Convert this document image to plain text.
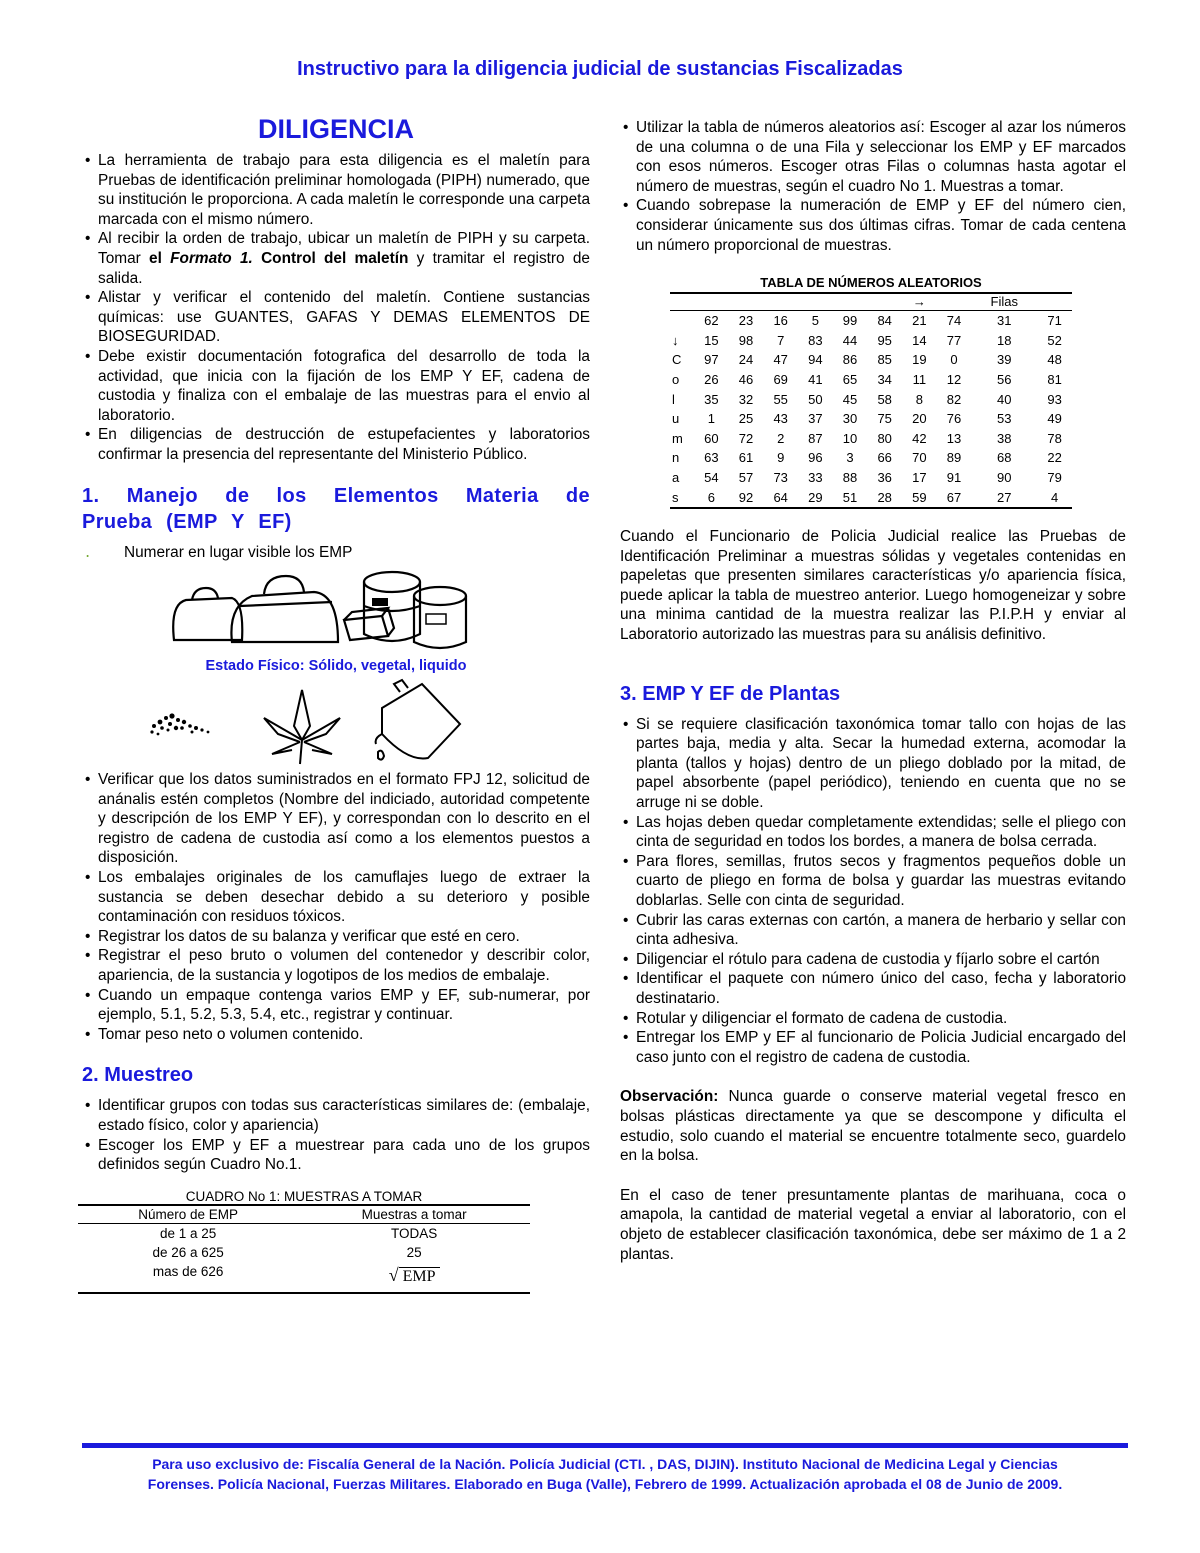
Instructivo para la diligencia judicial de sustancias Fiscalizadas
DILIGENCIA
• La herramienta de trabajo para esta diligencia es el maletín para Pruebas de identificación preliminar homologada (PIPH) numerado, que su institución le proporciona. A cada maletín le corresponde una carpeta marcada con el mismo número.
• Al recibir la orden de trabajo, ubicar un maletín de PIPH y su carpeta. Tomar el Formato 1. Control del maletín y tramitar el registro de salida.
• Alistar y verificar el contenido del maletín. Contiene sustancias químicas: use GUANTES, GAFAS Y DEMAS ELEMENTOS DE BIOSEGURIDAD.
• Debe existir documentación fotografica del desarrollo de toda la actividad, que inicia con la fijación de los EMP Y EF, cadena de custodia y finaliza con el embalaje de las muestras para el envio al laboratorio.
• En diligencias de destrucción de estupefacientes y laboratorios confirmar la presencia del representante del Ministerio Público.
1. Manejo de los Elementos Materia de Prueba (EMP Y EF)
․ Numerar en lugar visible los EMP

Estado Físico: Sólido, vegetal, liquido

• Verificar que los datos suministrados en el formato FPJ 12, solicitud de anánalis estén completos (Nombre del indiciado, autoridad competente y descripción de los EMP Y EF), y correspondan con lo descrito en el registro de cadena de custodia así como a los elementos puestos a disposición.
• Los embalajes originales de los camuflajes luego de extraer la sustancia se deben desechar debido a su deterioro y posible contaminación con residuos tóxicos.
• Registrar los datos de su balanza y verificar que esté en cero.
• Registrar el peso bruto o volumen del contenedor y describir color, apariencia, de la sustancia y logotipos de los medios de embalaje.
• Cuando un empaque contenga varios EMP y EF, sub-numerar, por ejemplo, 5.1, 5.2, 5.3, 5.4, etc., registrar y continuar.
• Tomar peso neto o volumen contenido.
2. Muestreo
• Identificar grupos con todas sus características similares de: (embalaje, estado físico, color y apariencia)
• Escoger los EMP y EF a muestrear para cada uno de los grupos definidos según Cuadro No.1.
CUADRO No 1: MUESTRAS A TOMAR
Número de EMP	Muestras a tomar
de 1 a 25	TODAS
de 26 a 625	25
mas de 626	√ EMP
• Utilizar la tabla de números aleatorios así: Escoger al azar los números de una columna o de una Fila y seleccionar los EMP y EF marcados con esos números. Escoger otras Filas o columnas hasta agotar el número de muestras, según el cuadro No 1. Muestras a tomar.
• Cuando sobrepase la numeración de EMP y EF del número cien, considerar únicamente sus dos últimas cifras. Tomar de cada centena un número proporcional de muestras.
TABLA DE NÚMEROS ALEATORIOS
							→		Filas	
	62	23	16	5	99	84	21	74	31	71
↓	15	98	7	83	44	95	14	77	18	52
C	97	24	47	94	86	85	19	0	39	48
o	26	46	69	41	65	34	11	12	56	81
l	35	32	55	50	45	58	8	82	40	93
u	1	25	43	37	30	75	20	76	53	49
m	60	72	2	87	10	80	42	13	38	78
n	63	61	9	96	3	66	70	89	68	22
a	54	57	73	33	88	36	17	91	90	79
s	6	92	64	29	51	28	59	67	27	4

Cuando el Funcionario de Policia Judicial realice las Pruebas de Identificación Preliminar a muestras sólidas y vegetales contenidas en papeletas que presenten similares características y/o apariencia física, puede aplicar la tabla de muestreo anterior. Luego homogeneizar y sobre una minima cantidad de la muestra realizar las P.I.P.H y enviar al Laboratorio autorizado las muestras para su análisis definitivo.

3. EMP Y EF de Plantas
• Si se requiere clasificación taxonómica tomar tallo con hojas de las partes baja, media y alta. Secar la humedad externa, acomodar la planta (tallos y hojas) dentro de un pliego doblado por la mitad, de papel absorbente (papel periódico), teniendo en cuenta que no se arruge ni se doble.
• Las hojas deben quedar completamente extendidas; selle el pliego con cinta de seguridad en todos los bordes, a manera de bolsa cerrada.
• Para flores, semillas, frutos secos y fragmentos pequeños doble un cuarto de pliego en forma de bolsa y guardar las muestras evitando doblarlas. Selle con cinta de seguridad.
• Cubrir las caras externas con cartón, a manera de herbario y sellar con cinta adhesiva.
• Diligenciar el rótulo para cadena de custodia y fíjarlo sobre el cartón
• Identificar el paquete con número único del caso, fecha y laboratorio destinatario.
• Rotular y diligenciar el formato de cadena de custodia.
• Entregar los EMP y EF al funcionario de Policia Judicial encargado del caso junto con el registro de cadena de custodia.

Observación: Nunca guarde o conserve material vegetal fresco en bolsas plásticas directamente ya que se descompone y dificulta el estudio, solo cuando el material se encuentre totalmente seco, guardelo en la bolsa.

En el caso de tener presuntamente plantas de marihuana, coca o amapola, la cantidad de material vegetal a enviar al laboratorio, con el objeto de establecer clasificación taxonómica, debe ser máximo de 1 a 2 plantas.

Para uso exclusivo de: Fiscalía General de la Nación. Policía Judicial (CTI. , DAS, DIJIN). Instituto Nacional de Medicina Legal y Ciencias

Forenses. Policía Nacional, Fuerzas Militares. Elaborado en Buga (Valle), Febrero de 1999. Actualización aprobada el 08 de Junio de 2009.
